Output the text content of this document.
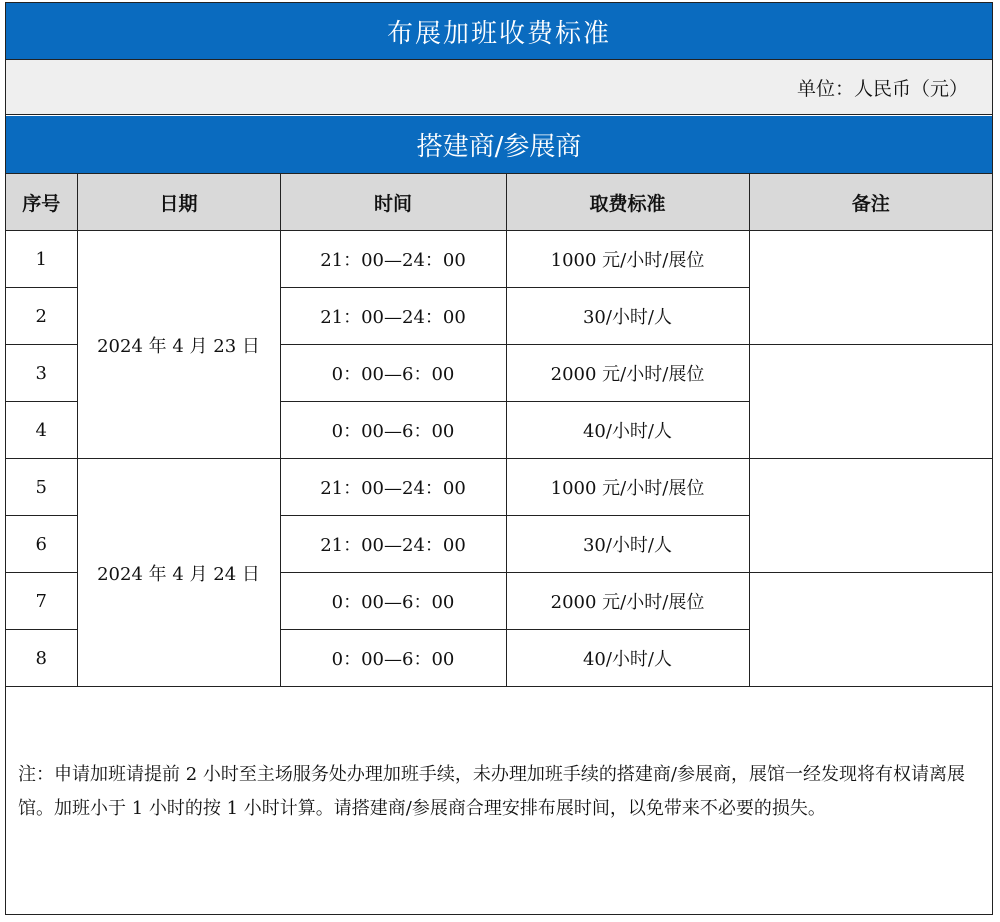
布展加班收费标准
单位：人民币（元）
搭建商/参展商
序号	日期	时间	取费标准	备注
1	2024 年 4 月 23 日	21：00—24：00	1000 元/小时/展位	
2		21：00—24：00	30/小时/人	
3		0：00—6：00	2000 元/小时/展位	
4		0：00—6：00	40/小时/人	
5	2024 年 4 月 24 日	21：00—24：00	1000 元/小时/展位	
6		21：00—24：00	30/小时/人	
7		0：00—6：00	2000 元/小时/展位	
8		0：00—6：00	40/小时/人	
注：申请加班请提前 2 小时至主场服务处办理加班手续，未办理加班手续的搭建商/参展商，展馆一经发现将有权请离展馆。加班小于 1 小时的按 1 小时计算。请搭建商/参展商合理安排布展时间，以免带来不必要的损失。
